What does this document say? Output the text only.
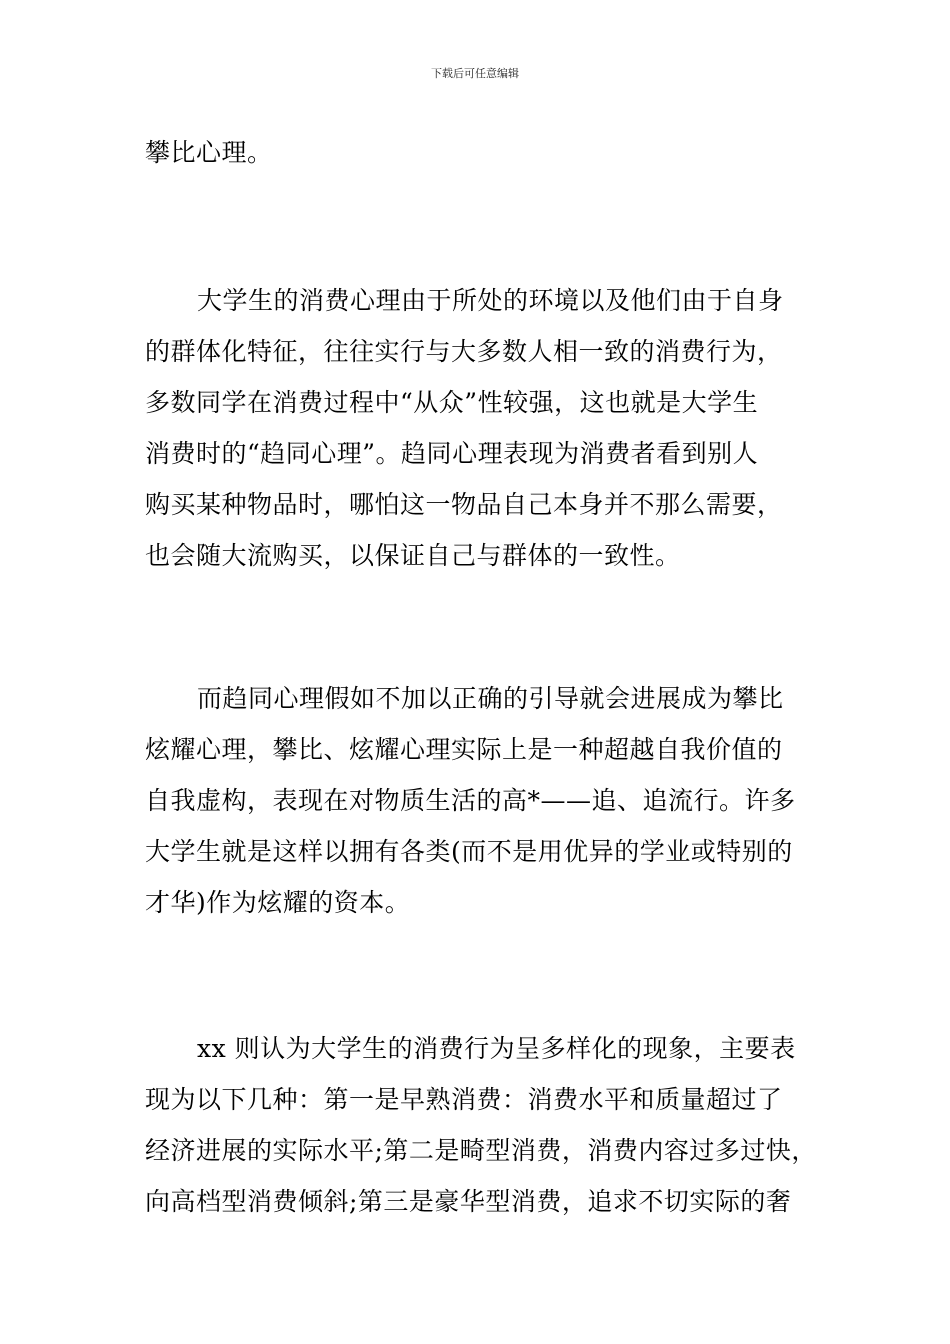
下载后可任意编辑

攀比心理。

大学生的消费心理由于所处的环境以及他们由于自身
的群体化特征，往往实行与大多数人相一致的消费行为，
多数同学在消费过程中“从众”性较强，这也就是大学生
消费时的“趋同心理”。趋同心理表现为消费者看到别人
购买某种物品时，哪怕这一物品自己本身并不那么需要，
也会随大流购买，以保证自己与群体的一致性。

而趋同心理假如不加以正确的引导就会进展成为攀比
炫耀心理，攀比、炫耀心理实际上是一种超越自我价值的
自我虚构，表现在对物质生活的高*——追、追流行。许多
大学生就是这样以拥有各类(而不是用优异的学业或特别的
才华)作为炫耀的资本。

xx 则认为大学生的消费行为呈多样化的现象，主要表
现为以下几种：第一是早熟消费：消费水平和质量超过了
经济进展的实际水平;第二是畸型消费，消费内容过多过快，
向高档型消费倾斜;第三是豪华型消费，追求不切实际的奢
